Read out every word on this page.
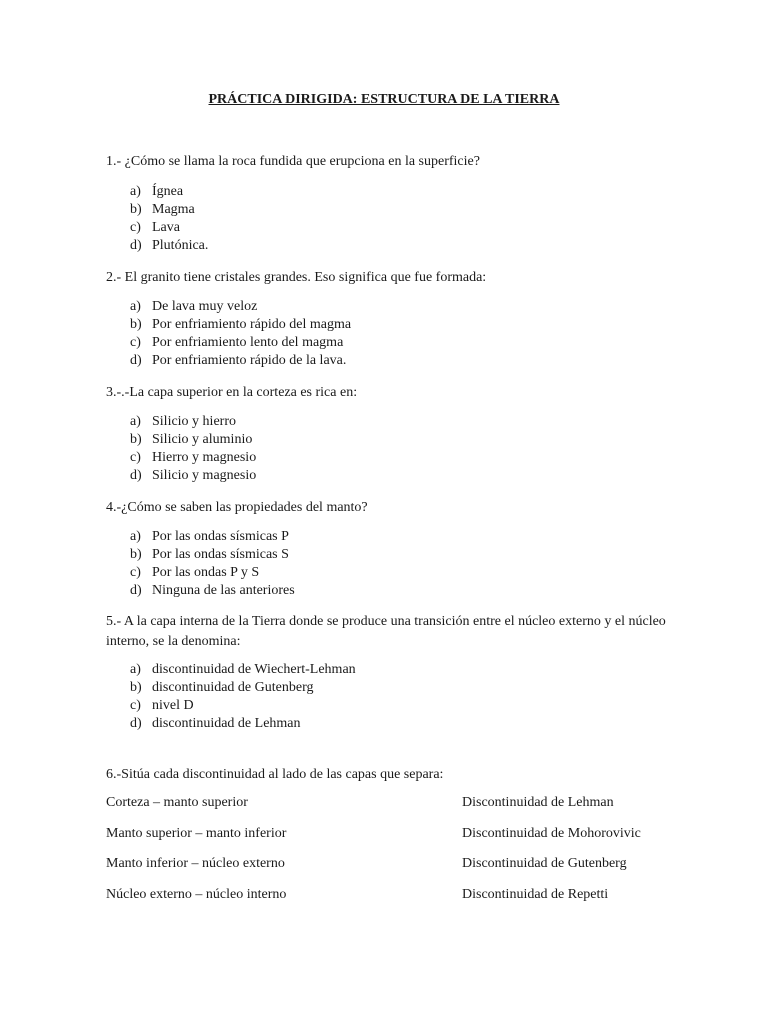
PRÁCTICA DIRIGIDA: ESTRUCTURA DE LA TIERRA
1.- ¿Cómo se llama la roca fundida que erupciona en la superficie?
a) Ígnea
b) Magma
c) Lava
d) Plutónica.
2.- El granito tiene cristales grandes. Eso significa que fue formada:
a) De lava muy veloz
b) Por enfriamiento rápido del magma
c) Por enfriamiento lento del magma
d) Por enfriamiento rápido de la lava.
3.-.-La capa superior en la corteza es rica en:
a) Silicio y hierro
b) Silicio y aluminio
c) Hierro y magnesio
d) Silicio y magnesio
4.-¿Cómo se saben las propiedades del manto?
a) Por las ondas sísmicas P
b) Por las ondas sísmicas S
c) Por las ondas P y S
d) Ninguna de las anteriores
5.- A la capa interna de la Tierra donde se produce una transición entre el núcleo externo y el núcleo interno, se la denomina:
a) discontinuidad de Wiechert-Lehman
b) discontinuidad de Gutenberg
c) nivel D
d) discontinuidad de Lehman
6.-Sitúa cada discontinuidad al lado de las capas que separa:
Corteza – manto superior	Discontinuidad de Lehman
Manto superior – manto inferior	Discontinuidad de Mohorovivic
Manto inferior – núcleo externo	Discontinuidad de Gutenberg
Núcleo externo – núcleo interno	Discontinuidad de Repetti
